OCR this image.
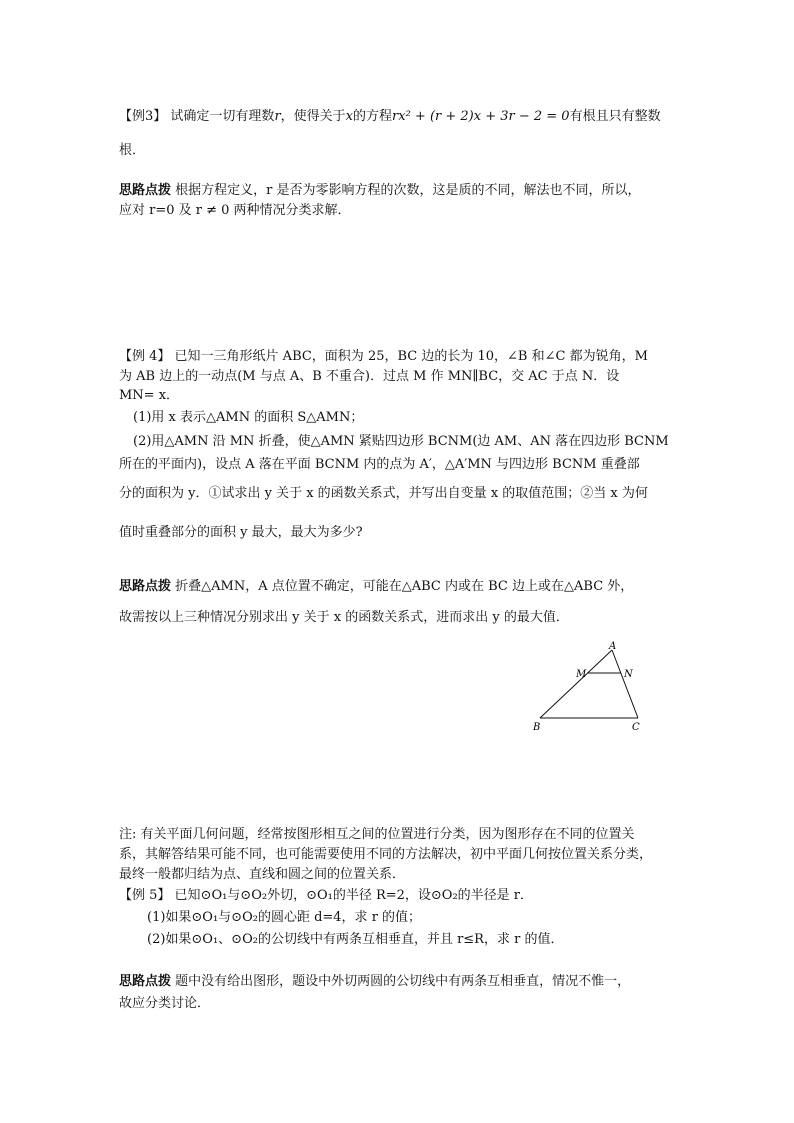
【例3】 试确定一切有理数r，使得关于x的方程rx² + (r + 2)x + 3r − 2 = 0有根且只有整数
根．
思路点拨 根据方程定义，r 是否为零影响方程的次数，这是质的不同，解法也不同，所以，
应对 r=0 及 r ≠ 0 两种情况分类求解．
【例 4】 已知一三角形纸片 ABC，面积为 25，BC 边的长为 10，∠B 和∠C 都为锐角，M
为 AB 边上的一动点(M 与点 A、B 不重合)．过点 M 作 MN∥BC，交 AC 于点 N．设
MN= x．
(1)用 x 表示△AMN 的面积 S△AMN；
(2)用△AMN 沿 MN 折叠，使△AMN 紧贴四边形 BCNM(边 AM、AN 落在四边形 BCNM
所在的平面内)，设点 A 落在平面 BCNM 内的点为 A′，△A′MN 与四边形 BCNM 重叠部
分的面积为 y．①试求出 y 关于 x 的函数关系式，并写出自变量 x 的取值范围；②当 x 为何
值时重叠部分的面积 y 最大，最大为多少?
思路点拨 折叠△AMN，A 点位置不确定，可能在△ABC 内或在 BC 边上或在△ABC 外，
故需按以上三种情况分别求出 y 关于 x 的函数关系式，进而求出 y 的最大值．
A
M	N
B	C
注: 有关平面几何问题，经常按图形相互之间的位置进行分类，因为图形存在不同的位置关
系，其解答结果可能不同，也可能需要使用不同的方法解决，初中平面几何按位置关系分类，
最终一般都归结为点、直线和圆之间的位置关系．
【例 5】 已知⊙O₁与⊙O₂外切，⊙O₁的半径 R=2，设⊙O₂的半径是 r．
(1)如果⊙O₁与⊙O₂的圆心距 d=4，求 r 的值；
(2)如果⊙O₁、⊙O₂的公切线中有两条互相垂直，并且 r≤R，求 r 的值．
思路点拨 题中没有给出图形，题设中外切两圆的公切线中有两条互相垂直，情况不惟一，
故应分类讨论．
